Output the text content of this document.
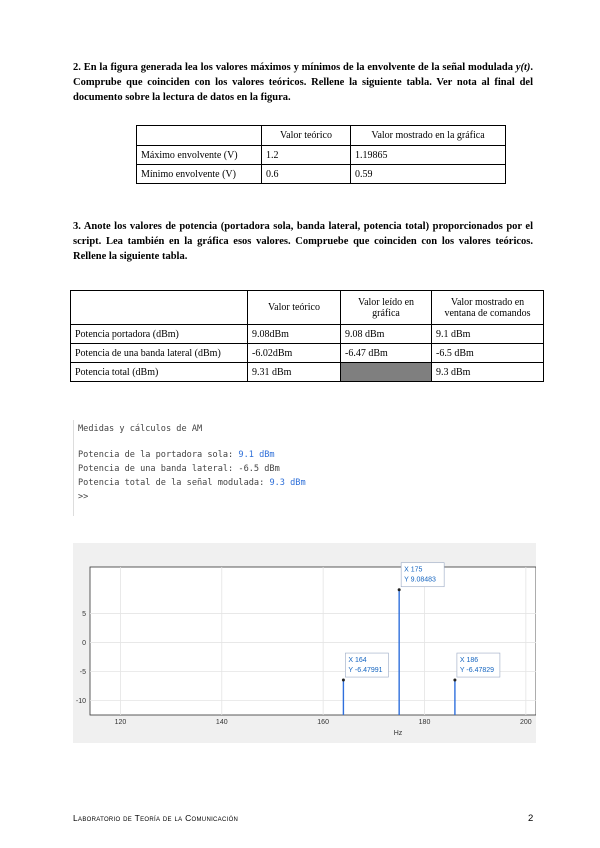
2. En la figura generada lea los valores máximos y mínimos de la envolvente de la señal modulada y(t). Comprube que coinciden con los valores teóricos. Rellene la siguiente tabla. Ver nota al final del documento sobre la lectura de datos en la figura.

	Valor teórico	Valor mostrado en la gráfica
Máximo envolvente (V)	1.2	1.19865
Mínimo envolvente (V)	0.6	0.59

3. Anote los valores de potencia (portadora sola, banda lateral, potencia total) proporcionados por el script. Lea también en la gráfica esos valores. Compruebe que coinciden con los valores teóricos. Rellene la siguiente tabla.

	Valor teórico	Valor leído en gráfica	Valor mostrado en ventana de comandos
Potencia portadora (dBm)	9.08dBm	9.08 dBm	9.1 dBm
Potencia de una banda lateral (dBm)	-6.02dBm	-6.47 dBm	-6.5 dBm
Potencia total (dBm)	9.31 dBm		9.3 dBm
Medidas y cálculos de AM
Potencia de la portadora sola: 9.1 dBm
Potencia de una banda lateral: -6.5 dBm
Potencia total de la señal modulada: 9.3 dBm
>>
120	140	160	180	200
5
0
-5
-10
X 164
Y -6.47991
X 175
Y 9.08483
X 186
Y -6.47829
Hz
Laboratorio de Teoría de la Comunicación	2
